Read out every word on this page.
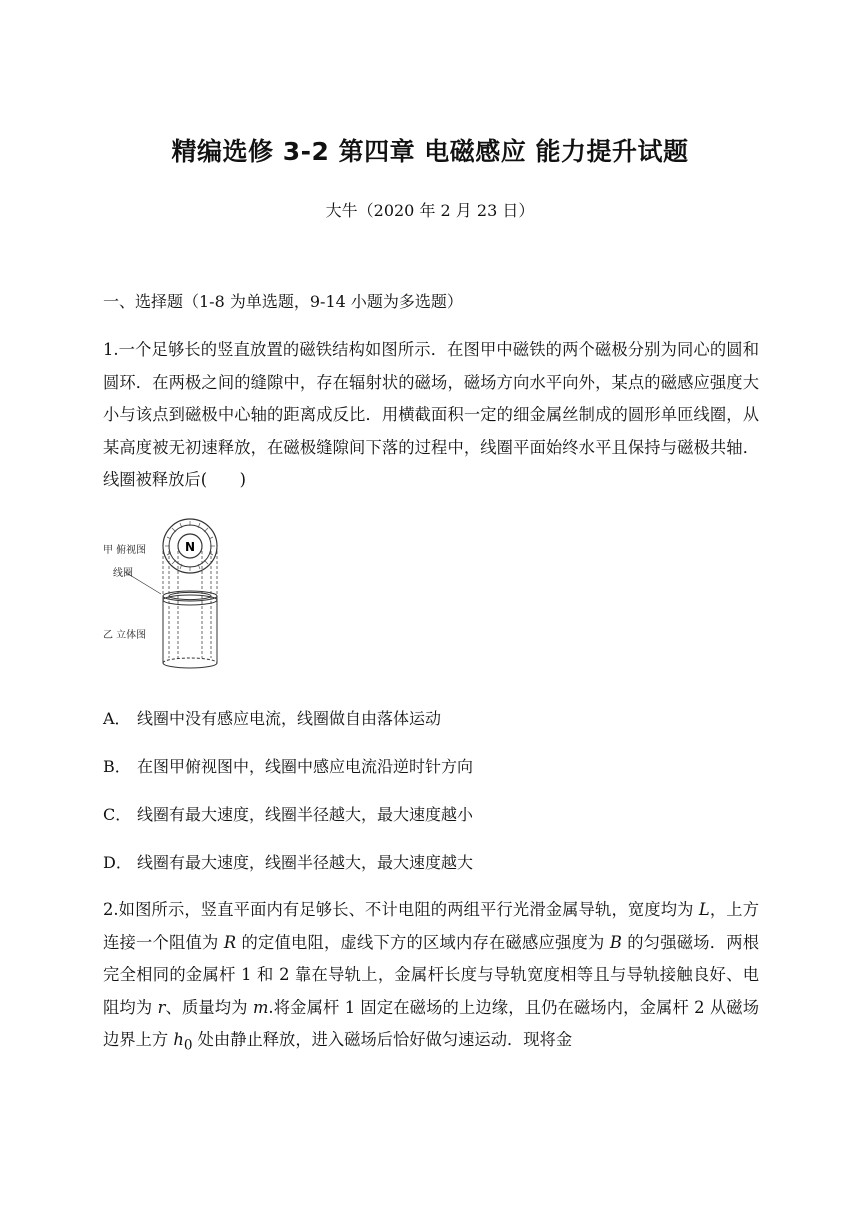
精编选修 3-2 第四章 电磁感应 能力提升试题
大牛（2020 年 2 月 23 日）
一、选择题（1-8 为单选题，9-14 小题为多选题）
1.一个足够长的竖直放置的磁铁结构如图所示．在图甲中磁铁的两个磁极分别为同心的圆和圆环．在两极之间的缝隙中，存在辐射状的磁场，磁场方向水平向外，某点的磁感应强度大小与该点到磁极中心轴的距离成反比．用横截面积一定的细金属丝制成的圆形单匝线圈，从某高度被无初速释放，在磁极缝隙间下落的过程中，线圈平面始终水平且保持与磁极共轴．线圈被释放后(　　)
N
甲 俯视图
线圈
乙 立体图
A． 线圈中没有感应电流，线圈做自由落体运动
B． 在图甲俯视图中，线圈中感应电流沿逆时针方向
C． 线圈有最大速度，线圈半径越大，最大速度越小
D． 线圈有最大速度，线圈半径越大，最大速度越大
2.如图所示，竖直平面内有足够长、不计电阻的两组平行光滑金属导轨，宽度均为 L，上方连接一个阻值为 R 的定值电阻，虚线下方的区域内存在磁感应强度为 B 的匀强磁场．两根完全相同的金属杆 1 和 2 靠在导轨上，金属杆长度与导轨宽度相等且与导轨接触良好、电阻均为 r、质量均为 m.将金属杆 1 固定在磁场的上边缘，且仍在磁场内，金属杆 2 从磁场边界上方 $h_0$ 处由静止释放，进入磁场后恰好做匀速运动．现将金
